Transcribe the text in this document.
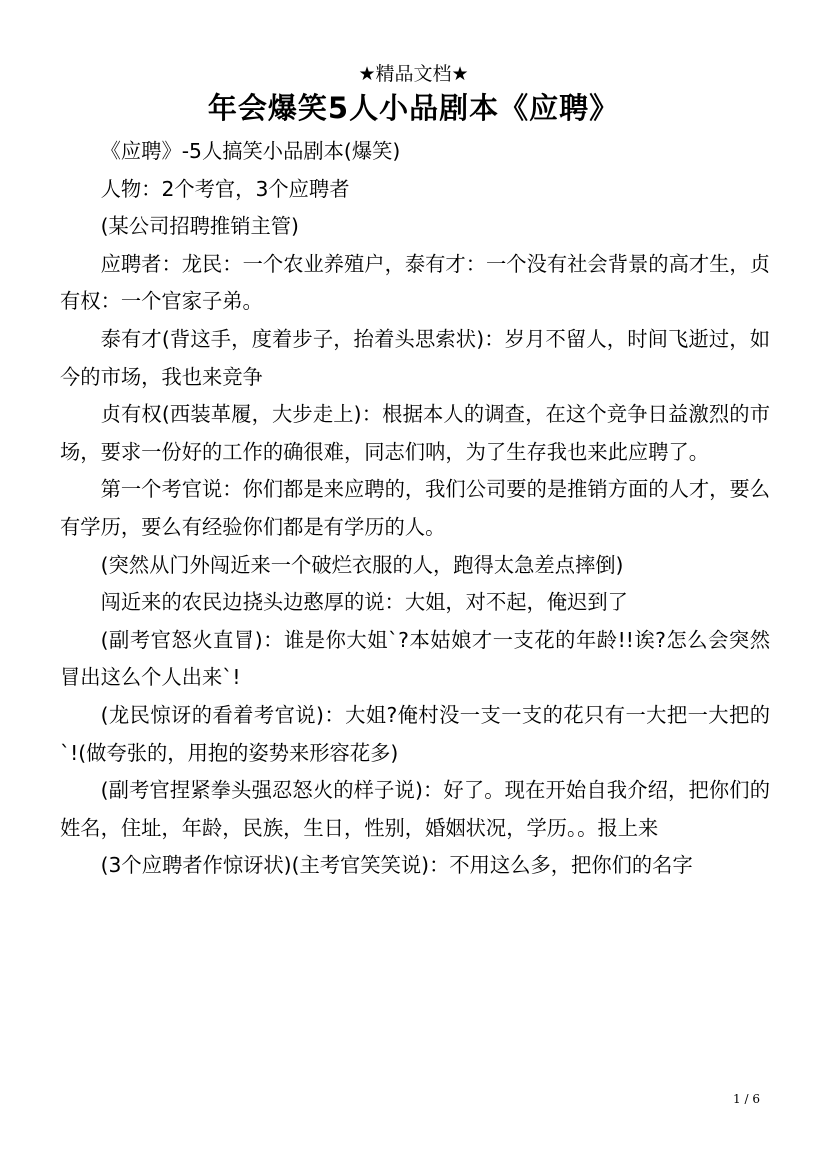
★精品文档★
年会爆笑5人小品剧本《应聘》

《应聘》-5人搞笑小品剧本(爆笑)

人物：2个考官，3个应聘者

(某公司招聘推销主管)

应聘者：龙民：一个农业养殖户，泰有才：一个没有社会背景的高才生，贞有权：一个官家子弟。

泰有才(背这手，度着步子，抬着头思索状)：岁月不留人，时间飞逝过，如今的市场，我也来竞争

贞有权(西装革履，大步走上)：根据本人的调查，在这个竞争日益激烈的市场，要求一份好的工作的确很难，同志们呐，为了生存我也来此应聘了。

第一个考官说：你们都是来应聘的，我们公司要的是推销方面的人才，要么有学历，要么有经验你们都是有学历的人。

(突然从门外闯近来一个破烂衣服的人，跑得太急差点摔倒)

闯近来的农民边挠头边憨厚的说：大姐，对不起，俺迟到了

(副考官怒火直冒)：谁是你大姐`?本姑娘才一支花的年龄!!诶?怎么会突然冒出这么个人出来`!

(龙民惊讶的看着考官说)：大姐?俺村没一支一支的花只有一大把一大把的`!(做夸张的，用抱的姿势来形容花多)

(副考官捏紧拳头强忍怒火的样子说)：好了。现在开始自我介绍，把你们的姓名，住址，年龄，民族，生日，性别，婚姻状况，学历。。报上来

(3个应聘者作惊讶状)(主考官笑笑说)：不用这么多，把你们的名字

1 / 6
